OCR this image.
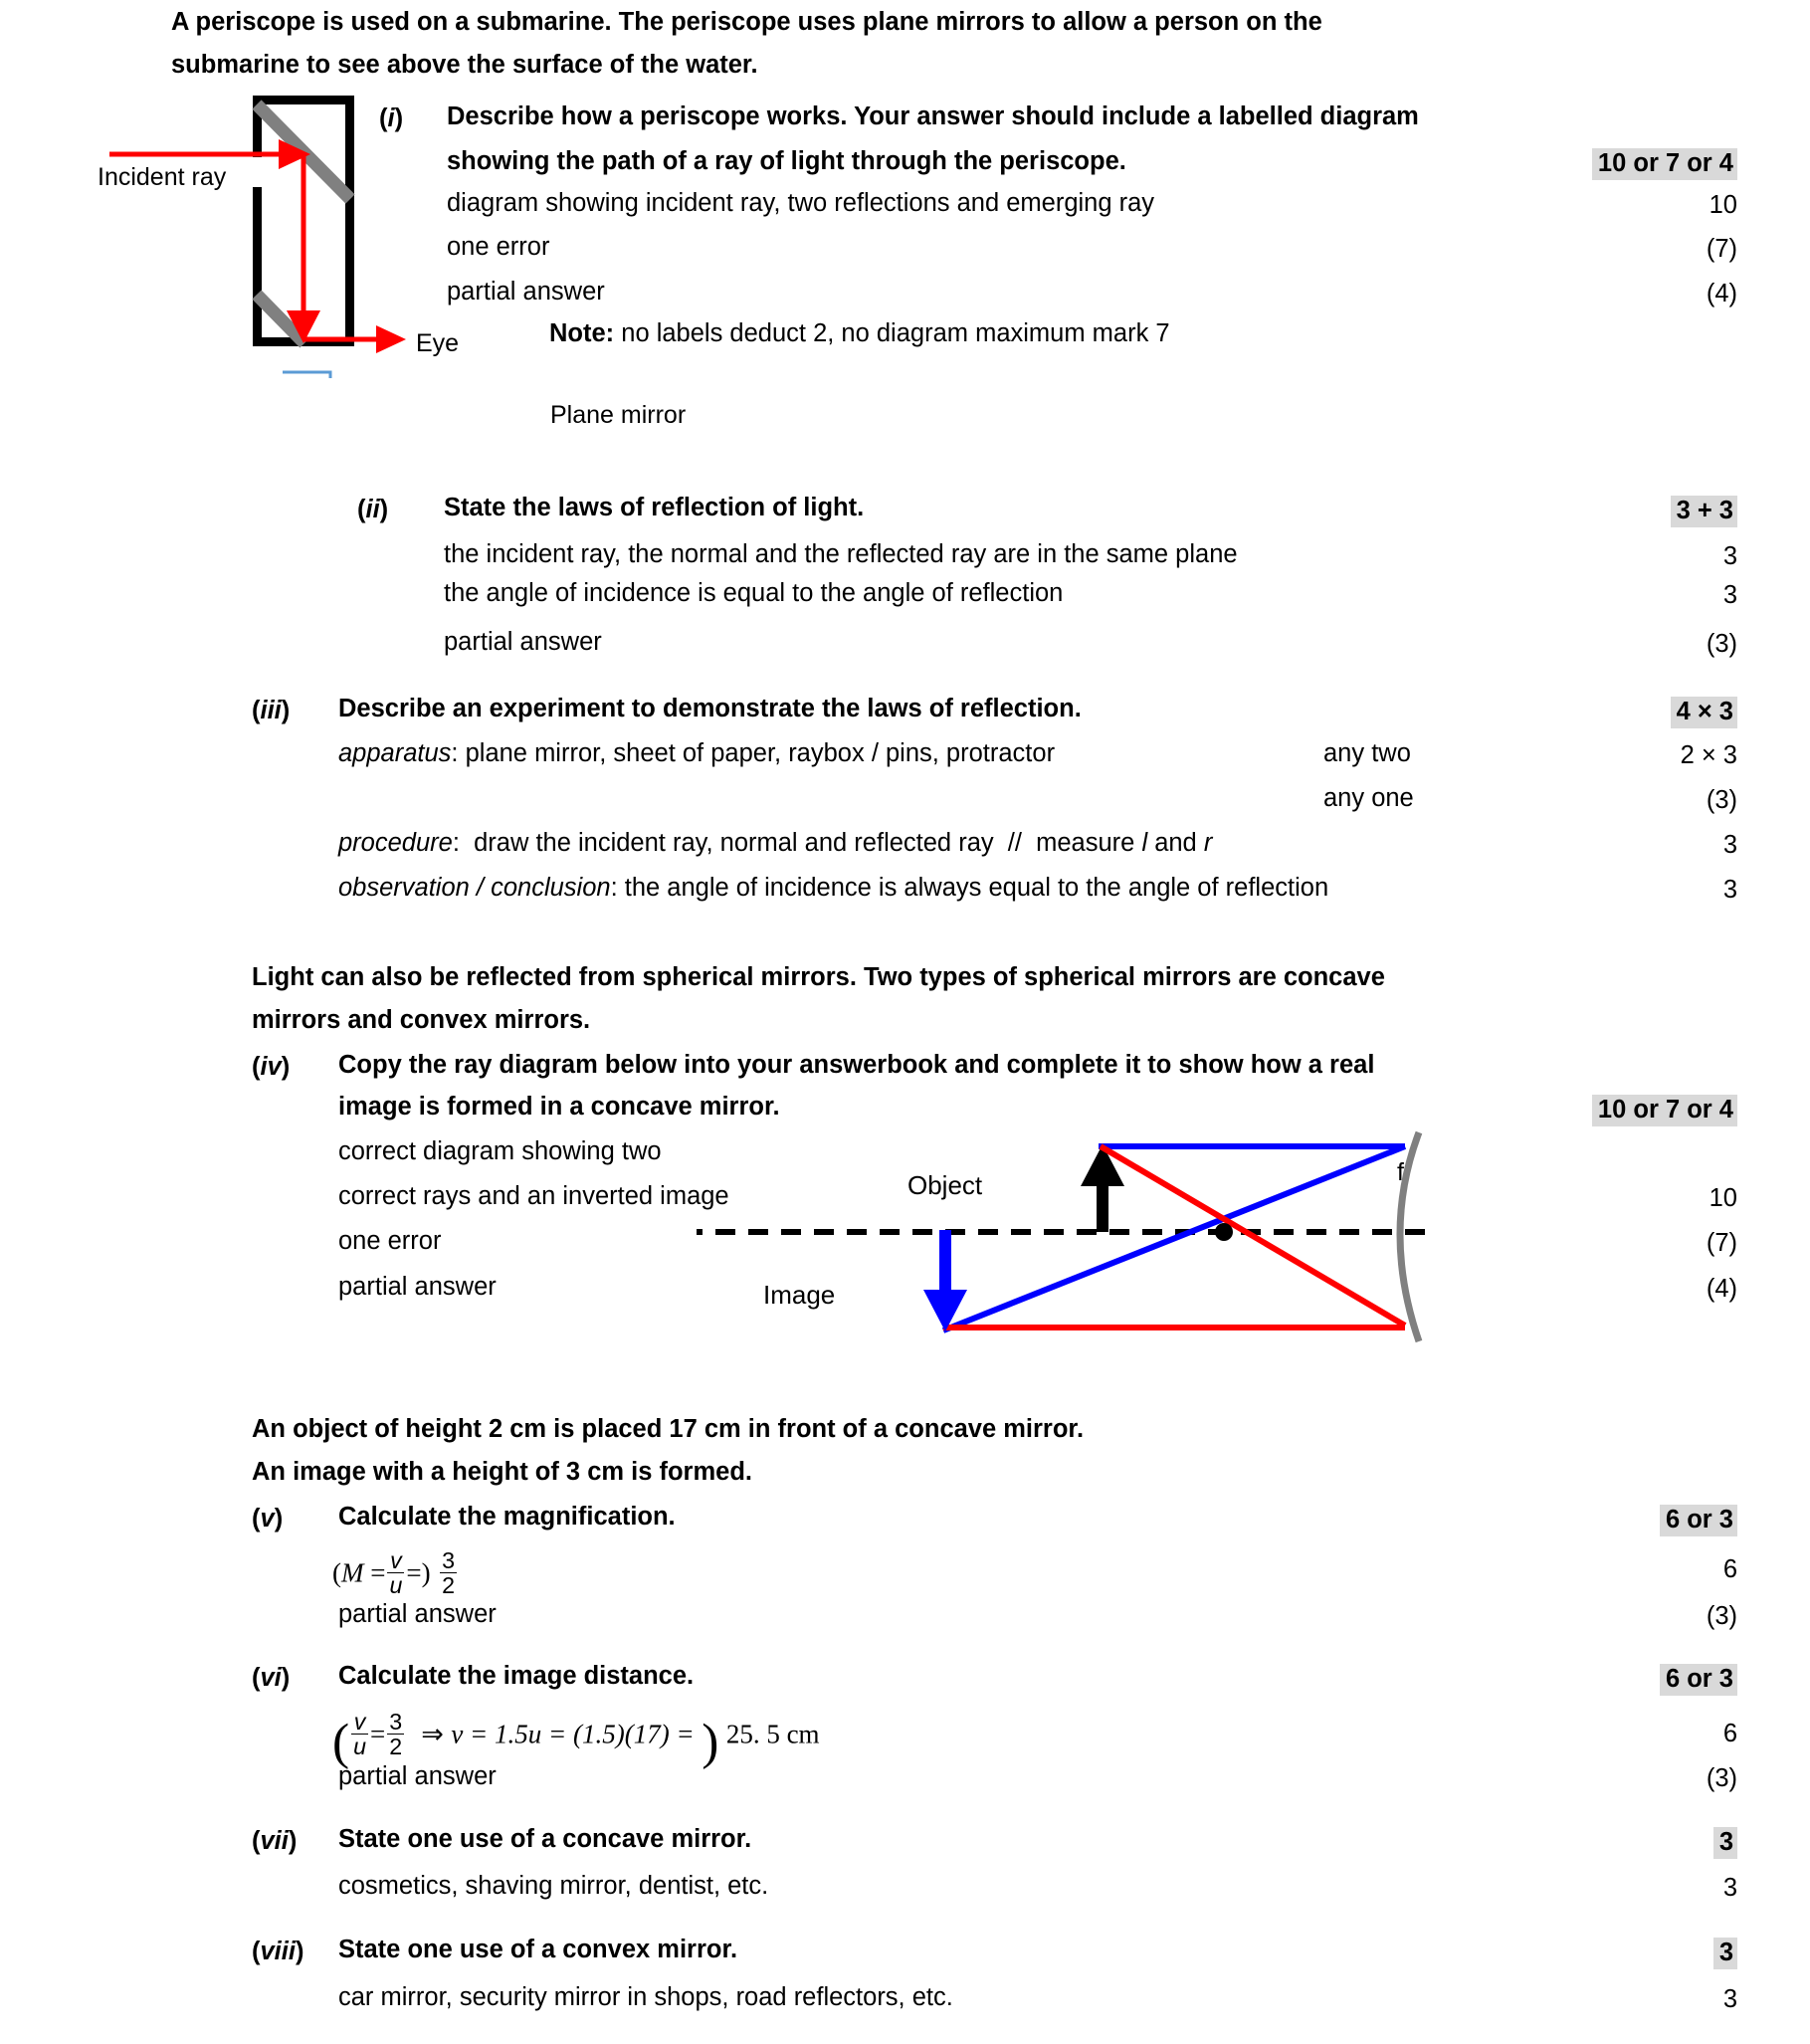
A periscope is used on a submarine. The periscope uses plane mirrors to allow a person on the
submarine to see above the surface of the water.
Incident ray
Eye
Plane mirror
(i) Describe how a periscope works. Your answer should include a labelled diagram
showing the path of a ray of light through the periscope.	10 or 7 or 4
diagram showing incident ray, two reflections and emerging ray	10
one error	(7)
partial answer	(4)
Note: no labels deduct 2, no diagram maximum mark 7
(ii) State the laws of reflection of light.	3 + 3
the incident ray, the normal and the reflected ray are in the same plane	3
the angle of incidence is equal to the angle of reflection	3
partial answer	(3)
(iii) Describe an experiment to demonstrate the laws of reflection.	4 × 3
apparatus: plane mirror, sheet of paper, raybox / pins, protractor	any two	2 × 3
any one	(3)
procedure:  draw the incident ray, normal and reflected ray  //  measure l and r	3
observation / conclusion: the angle of incidence is always equal to the angle of reflection	3
Light can also be reflected from spherical mirrors. Two types of spherical mirrors are concave
mirrors and convex mirrors.
(iv) Copy the ray diagram below into your answerbook and complete it to show how a real
image is formed in a concave mirror.	10 or 7 or 4
correct diagram showing two
correct rays and an inverted image	10
one error	(7)
partial answer	(4)
f
Object
Image
An object of height 2 cm is placed 17 cm in front of a concave mirror.
An image with a height of 3 cm is formed.
(v) Calculate the magnification.	6 or 3
($M = \frac{v}{u}$ =) $\frac{3}{2}$	6
partial answer	(3)
(vi) Calculate the image distance.	6 or 3
( $\frac{v}{u} = \frac{3}{2}$ ⇒ v = 1.5u = (1.5)(17) = ) 25. 5 cm	6
partial answer	(3)
(vii) State one use of a concave mirror.	3
cosmetics, shaving mirror, dentist, etc.	3
(viii) State one use of a convex mirror.	3
car mirror, security mirror in shops, road reflectors, etc.	3
